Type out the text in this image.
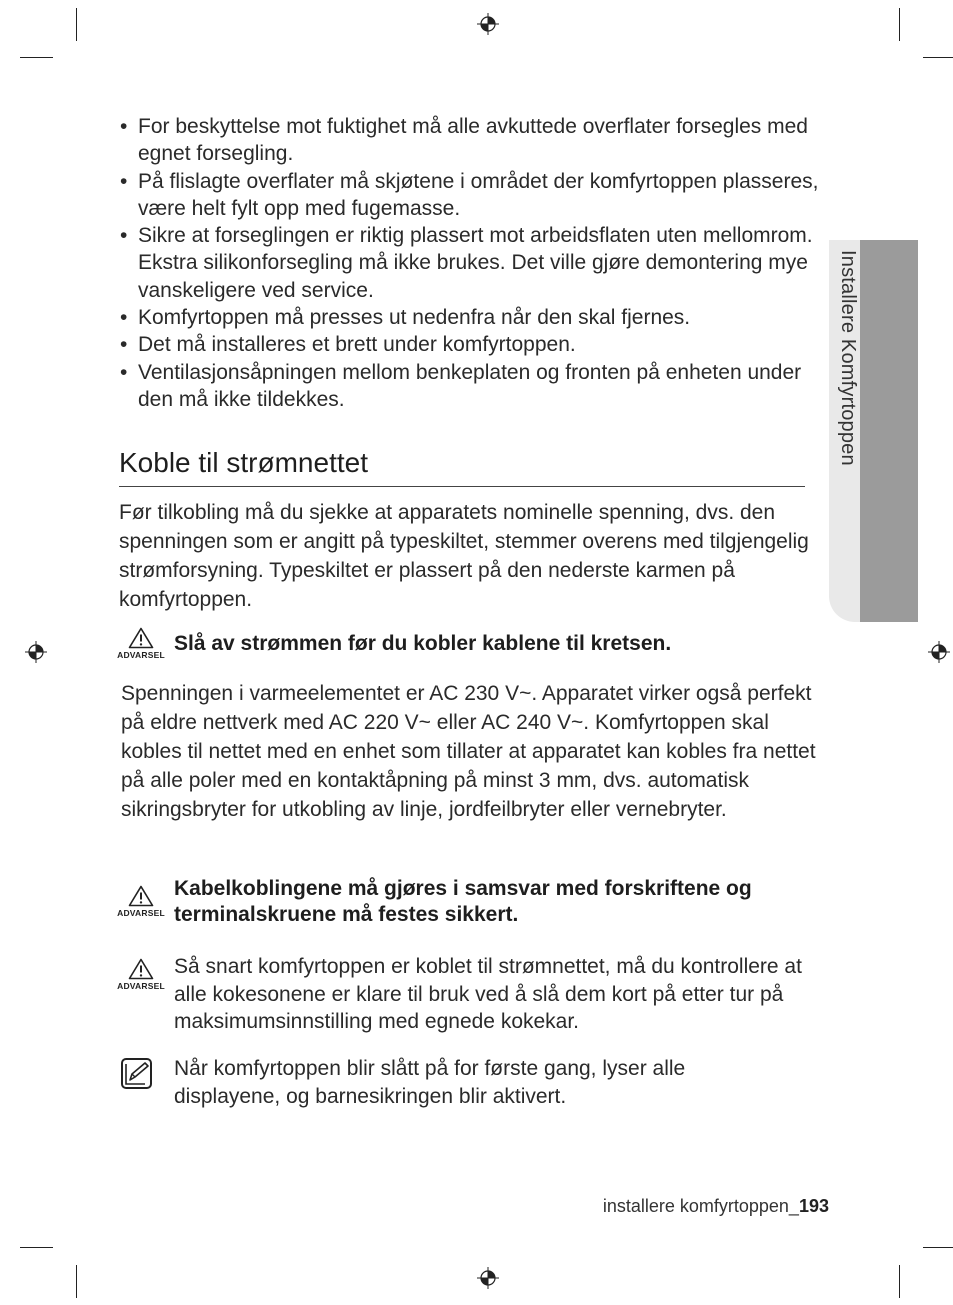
Installere Komfyrtoppen
• For beskyttelse mot fuktighet må alle avkuttede overflater forsegles med egnet forsegling.
• På flislagte overflater må skjøtene i området der komfyrtoppen plasseres, være helt fylt opp med fugemasse.
• Sikre at forseglingen er riktig plassert mot arbeidsflaten uten mellomrom. Ekstra silikonforsegling må ikke brukes. Det ville gjøre demontering mye vanskeligere ved service.
• Komfyrtoppen må presses ut nedenfra når den skal fjernes.
• Det må installeres et brett under komfyrtoppen.
• Ventilasjonsåpningen mellom benkeplaten og fronten på enheten under den må ikke tildekkes.
Koble til strømnettet

Før tilkobling må du sjekke at apparatets nominelle spenning, dvs. den spenningen som er angitt på typeskiltet, stemmer overens med tilgjengelig strømforsyning. Typeskiltet er plassert på den nederste karmen på komfyrtoppen.

ADVARSEL Slå av strømmen før du kobler kablene til kretsen.

Spenningen i varmeelementet er AC 230 V~. Apparatet virker også perfekt på eldre nettverk med AC 220 V~ eller AC 240 V~. Komfyrtoppen skal kobles til nettet med en enhet som tillater at apparatet kan kobles fra nettet på alle poler med en kontaktåpning på minst 3 mm, dvs. automatisk sikringsbryter for utkobling av linje, jordfeilbryter eller vernebryter.

ADVARSEL

Kabelkoblingene må gjøres i samsvar med forskriftene og terminalskruene må festes sikkert.

ADVARSEL

Så snart komfyrtoppen er koblet til strømnettet, må du kontrollere at alle kokesonene er klare til bruk ved å slå dem kort på etter tur på maksimumsinnstilling med egnede kokekar.

Når komfyrtoppen blir slått på for første gang, lyser alle displayene, og barnesikringen blir aktivert.

installere komfyrtoppen_193
